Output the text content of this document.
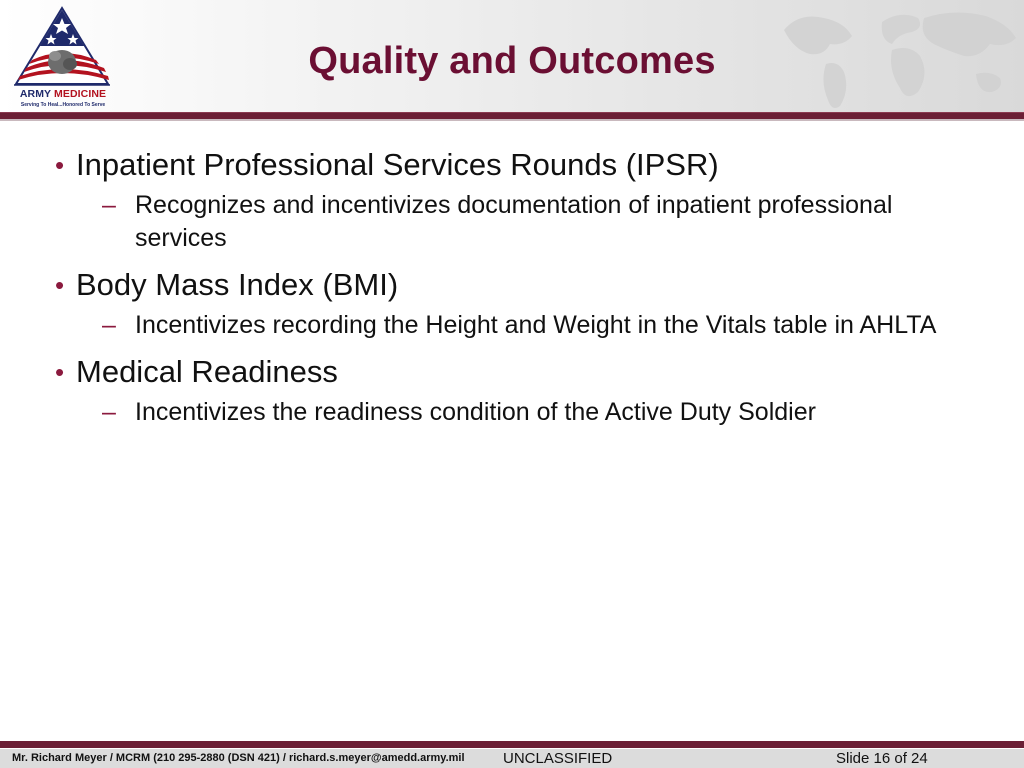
ARMY MEDICINE
Serving To Heal...Honored To Serve
Quality and Outcomes
• Inpatient Professional Services Rounds (IPSR)
– Recognizes and incentivizes documentation of inpatient professional services
• Body Mass Index (BMI)
– Incentivizes recording the Height and Weight in the Vitals table in AHLTA
• Medical Readiness
– Incentivizes the readiness condition of the Active Duty Soldier
Mr. Richard Meyer / MCRM (210 295-2880 (DSN 421) / richard.s.meyer@amedd.army.mil	UNCLASSIFIED	Slide 16 of 24
